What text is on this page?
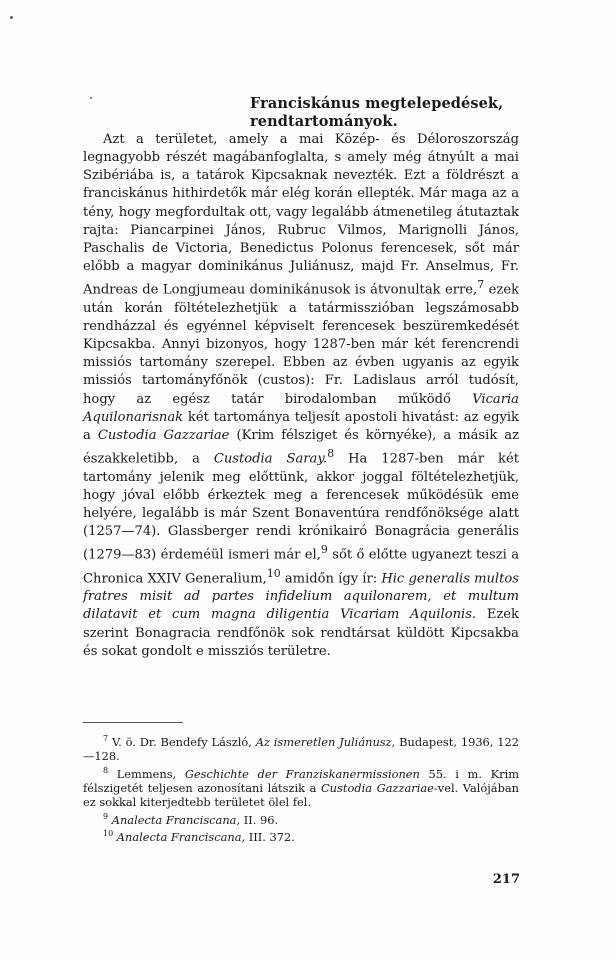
Franciskánus megtelepedések,
rendtartományok.
Azt a területet, amely a mai Közép- és Déloroszország legnagyobb részét magábanfoglalta, s amely még átnyúlt a mai Szibériába is, a tatárok Kipcsaknak nevezték. Ezt a földrészt a franciskánus hithirdetők már elég korán ellepték. Már maga az a tény, hogy megfordultak ott, vagy legalább átmenetileg átutaztak rajta: Piancarpinei János, Rubruc Vilmos, Marignolli János, Paschalis de Victoria, Benedictus Polonus ferencesek, sőt már előbb a magyar dominikánus Juliánusz, majd Fr. Anselmus, Fr. Andreas de Longjumeau dominikánusok is átvonultak erre,$^7$ ezek után korán föltételezhetjük a tatármisszióban legszámosabb rendházzal és egyénnel képviselt ferencesek beszüremkedését Kipcsakba. Annyi bizonyos, hogy 1287-ben már két ferencrendi missiós tartomány szerepel. Ebben az évben ugyanis az egyik missiós tartományfőnök (custos): Fr. Ladislaus arról tudósít, hogy az egész tatár birodalomban működő Vicaria Aquilonarisnak két tartománya teljesít apostoli hivatást: az egyik a Custodia Gazzariae (Krim félsziget és környéke), a másik az északkeletibb, a Custodia Saray.$^8$ Ha 1287-ben már két tartomány jelenik meg előttünk, akkor joggal föltételezhetjük, hogy jóval előbb érkeztek meg a ferencesek működésük eme helyére, legalább is már Szent Bonaventúra rendfőnöksége alatt (1257—74). Glassberger rendi krónikairó Bonagrácia generális (1279—83) érdeméül ismeri már el,$^9$ sőt ő előtte ugyanezt teszi a Chronica XXIV Generalium,$^{10}$ amidőn így ír: Hic generalis multos fratres misit ad partes infidelium aquilonarem, et multum dilatavit et cum magna diligentia Vicariam Aquilonis. Ezek szerint Bonagracia rendfőnök sok rendtársat küldött Kipcsakba és sokat gondolt e missziós területre.

$^7$ V. ö. Dr. Bendefy László, Az ismeretlen Juliánusz, Budapest, 1936, 122—128.

$^8$ Lemmens, Geschichte der Franziskanermissionen 55. i m. Krim félszigetét teljesen azonosítani látszik a Custodia Gazzariae-vel. Valójában ez sokkal kiterjedtebb területet ölel fel.

$^9$ Analecta Franciscana, II. 96.

$^{10}$ Analecta Franciscana, III. 372.

217
